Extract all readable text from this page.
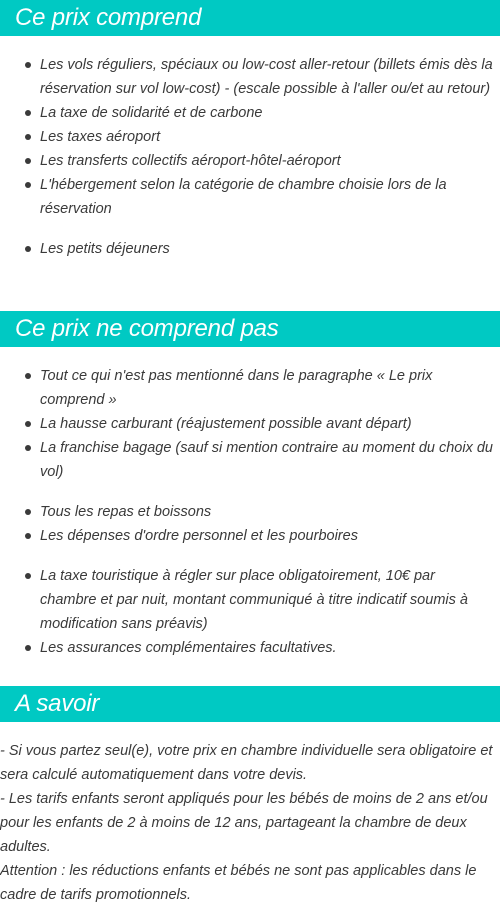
Ce prix comprend
Les vols réguliers, spéciaux ou low-cost aller-retour (billets émis dès la réservation sur vol low-cost) - (escale possible à l'aller ou/et au retour)
La taxe de solidarité et de carbone
Les taxes aéroport
Les transferts collectifs aéroport-hôtel-aéroport
L'hébergement selon la catégorie de chambre choisie lors de la réservation
Les petits déjeuners
Ce prix ne comprend pas
Tout ce qui n'est pas mentionné dans le paragraphe « Le prix comprend »
La hausse carburant (réajustement possible avant départ)
La franchise bagage (sauf si mention contraire au moment du choix du vol)
Tous les repas et boissons
Les dépenses d'ordre personnel et les pourboires
La taxe touristique à régler sur place obligatoirement, 10€ par chambre et par nuit, montant communiqué à titre indicatif soumis à modification sans préavis)
Les assurances complémentaires facultatives.
A savoir

- Si vous partez seul(e), votre prix en chambre individuelle sera obligatoire et sera calculé automatiquement dans votre devis.

- Les tarifs enfants seront appliqués pour les bébés de moins de 2 ans et/ou pour les enfants de 2 à moins de 12 ans, partageant la chambre de deux adultes.

Attention : les réductions enfants et bébés ne sont pas applicables dans le cadre de tarifs promotionnels.
